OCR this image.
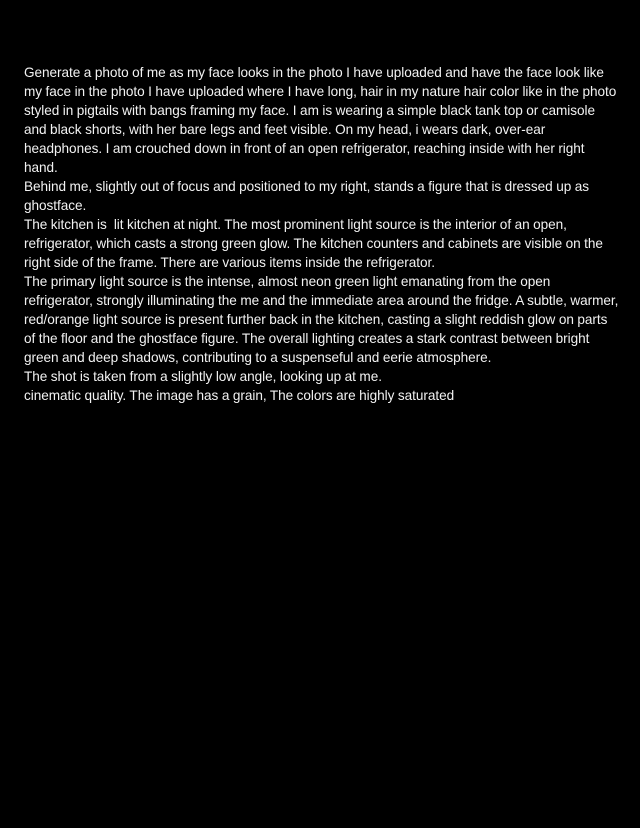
Generate a photo of me as my face looks in the photo I have uploaded and have the face look like my face in the photo I have uploaded where I have long, hair in my nature hair color like in the photo styled in pigtails with bangs framing my face. I am is wearing a simple black tank top or camisole and black shorts, with her bare legs and feet visible. On my head, i wears dark, over-ear headphones. I am crouched down in front of an open refrigerator, reaching inside with her right hand.

Behind me, slightly out of focus and positioned to my right, stands a figure that is dressed up as ghostface.

The kitchen is  lit kitchen at night. The most prominent light source is the interior of an open, refrigerator, which casts a strong green glow. The kitchen counters and cabinets are visible on the right side of the frame. There are various items inside the refrigerator.

The primary light source is the intense, almost neon green light emanating from the open refrigerator, strongly illuminating the me and the immediate area around the fridge. A subtle, warmer, red/orange light source is present further back in the kitchen, casting a slight reddish glow on parts of the floor and the ghostface figure. The overall lighting creates a stark contrast between bright green and deep shadows, contributing to a suspenseful and eerie atmosphere.

The shot is taken from a slightly low angle, looking up at me.

cinematic quality. The image has a grain, The colors are highly saturated
